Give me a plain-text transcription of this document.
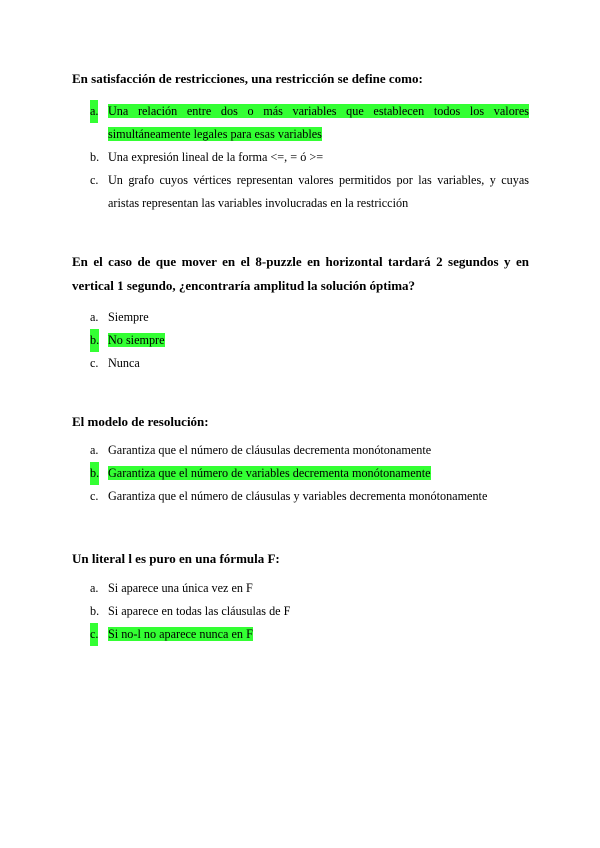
En satisfacción de restricciones, una restricción se define como:

a. Una relación entre dos o más variables que establecen todos los valores simultáneamente legales para esas variables
b. Una expresión lineal de la forma <=, = ó >=
c. Un grafo cuyos vértices representan valores permitidos por las variables, y cuyas aristas representan las variables involucradas en la restricción

En el caso de que mover en el 8-puzzle en horizontal tardará 2 segundos y en vertical 1 segundo, ¿encontraría amplitud la solución óptima?

a. Siempre
b. No siempre
c. Nunca

El modelo de resolución:

a. Garantiza que el número de cláusulas decrementa monótonamente
b. Garantiza que el número de variables decrementa monótonamente
c. Garantiza que el número de cláusulas y variables decrementa monótonamente

Un literal l es puro en una fórmula F:

a. Si aparece una única vez en F
b. Si aparece en todas las cláusulas de F
c. Si no-l no aparece nunca en F
